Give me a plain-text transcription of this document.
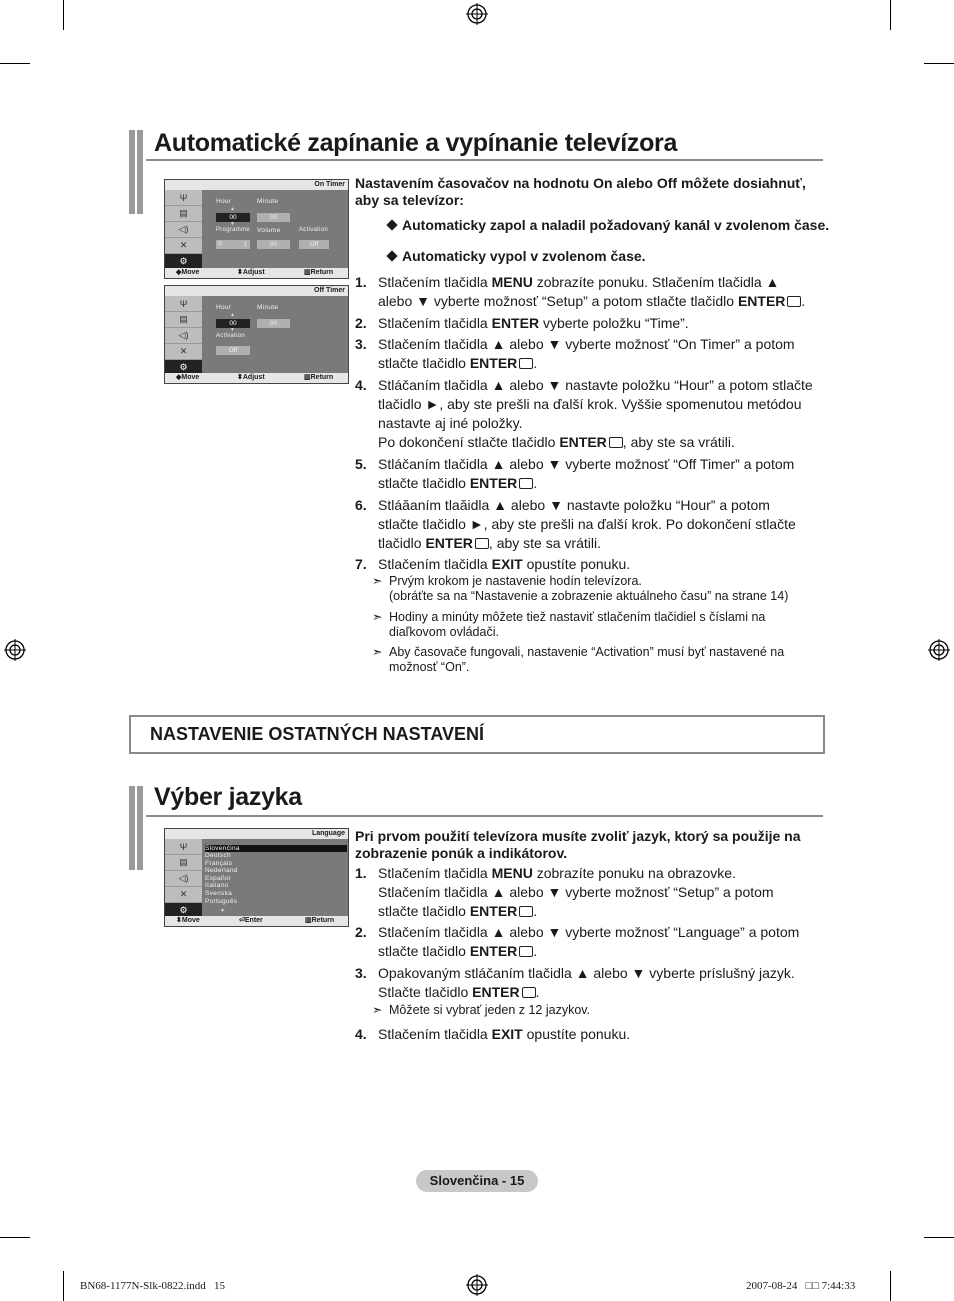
Automatické zapínanie a vypínanie televízora
On Timer
Ψ
▤
◁)
✕
⚙
Hour	Minute
▲
00	00
▼
Programme Volume	Activation
P	1	00	Off
◆ Move	⬍ Adjust	▥ Return
Off Timer
Ψ
▤
◁)
✕
⚙
Hour	Minute
▲
00	00
▼
Activation
Off
◆ Move	⬍ Adjust	▥ Return
Nastavením časovačov na hodnotu On alebo Off môžete dosiahnuť, aby sa televízor:
Automaticky zapol a naladil požadovaný kanál v zvolenom čase.
Automaticky vypol v zvolenom čase.
1. Stlačením tlačidla MENU zobrazíte ponuku. Stlačením tlačidla ▲
alebo ▼ vyberte možnosť “Setup” a potom stlačte tlačidlo ENTER .
2. Stlačením tlačidla ENTER vyberte položku “Time”.
3. Stlačením tlačidla ▲ alebo ▼ vyberte možnosť “On Timer” a potom
stlačte tlačidlo ENTER .
4. Stláčaním tlačidla ▲ alebo ▼ nastavte položku “Hour” a potom stlačte
tlačidlo ►, aby ste prešli na ďalší krok. Vyššie spomenutou metódou
nastavte aj iné položky.
Po dokončení stlačte tlačidlo ENTER , aby ste sa vrátili.
5. Stláčaním tlačidla ▲ alebo ▼ vyberte možnosť “Off Timer” a potom
stlačte tlačidlo ENTER .
6. Stláăaním tlaăidla ▲ alebo ▼ nastavte položku “Hour” a potom
stlačte tlačidlo ►, aby ste prešli na ďalší krok. Po dokončení stlačte
tlačidlo ENTER , aby ste sa vrátili.
7. Stlačením tlačidla EXIT opustíte ponuku.
Prvým krokom je nastavenie hodín televízora.
(obráťte sa na “Nastavenie a zobrazenie aktuálneho času” na strane 14)
➣
Hodiny a minúty môžete tiež nastaviť stlačením tlačidiel s číslami na
diaľkovom ovládači.
➣
Aby časovače fungovali, nastavenie “Activation” musí byť nastavené na
možnosť “On”.
➣
NASTAVENIE OSTATNÝCH NASTAVENÍ
Výber jazyka
Language
Ψ
▤
◁)
✕
⚙
Slovenčina
Deutsch
Français
Nederland
Español
Italiano
Svenska
Português
▼
⬍ Move	⏎ Enter	▥ Return
Pri prvom použití televízora musíte zvoliť jazyk, ktorý sa použije na zobrazenie ponúk a indikátorov.
1. Stlačením tlačidla MENU zobrazíte ponuku na obrazovke.
Stlačením tlačidla ▲ alebo ▼ vyberte možnosť “Setup” a potom
stlačte tlačidlo ENTER .
2. Stlačením tlačidla ▲ alebo ▼ vyberte možnosť “Language” a potom
stlačte tlačidlo ENTER .
3. Opakovaným stláčaním tlačidla ▲ alebo ▼ vyberte príslušný jazyk.
Stlačte tlačidlo ENTER .
4. Stlačením tlačidla EXIT opustíte ponuku.
Môžete si vybrať jeden z 12 jazykov.
➣
Slovenčina - 15
BN68-1177N-Slk-0822.indd   15	2007-08-24   □□ 7:44:33
